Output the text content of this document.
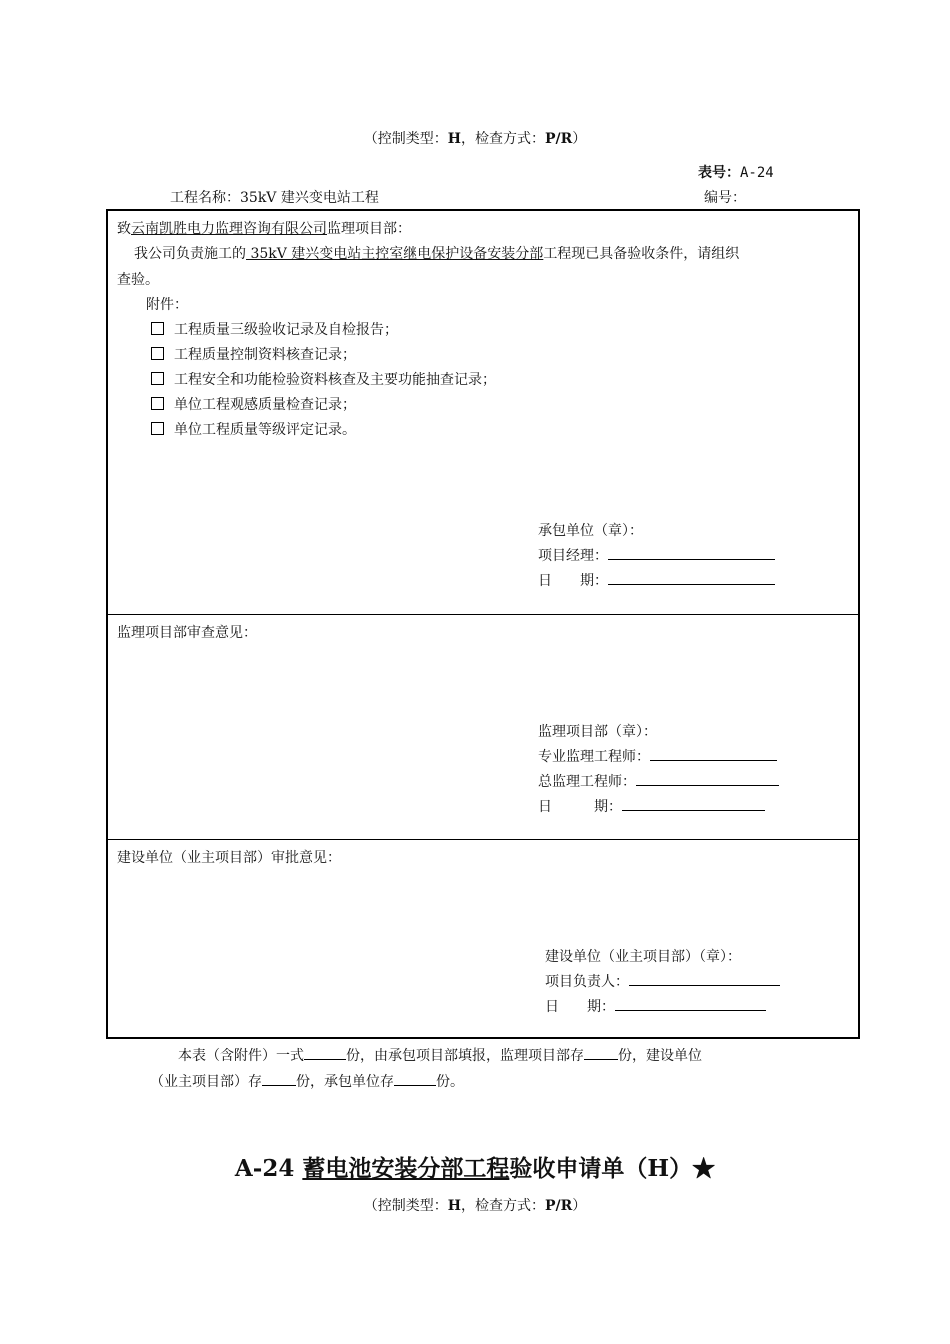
（控制类型：H，检查方式：P/R）
表号：A-24
工程名称：35kV 建兴变电站工程	编号：
致云南凯胜电力监理咨询有限公司监理项目部：
我公司负责施工的 35kV 建兴变电站主控室继电保护设备安装分部工程现已具备验收条件，请组织
查验。
附件：
工程质量三级验收记录及自检报告；
工程质量控制资料核查记录；
工程安全和功能检验资料核查及主要功能抽查记录；
单位工程观感质量检查记录；
单位工程质量等级评定记录。
承包单位（章）：
项目经理：
日　　期：
监理项目部审查意见：
监理项目部（章）：
专业监理工程师：
总监理工程师：
日　　　期：
建设单位（业主项目部）审批意见：
建设单位（业主项目部）（章）：
项目负责人：
日　　期：
本表（含附件）一式	份，由承包项目部填报，监理项目部存 份，建设单位
（业主项目部）存 份，承包单位存	份。
A-24 蓄电池安装分部工程验收申请单（H）★
（控制类型：H，检查方式：P/R）
